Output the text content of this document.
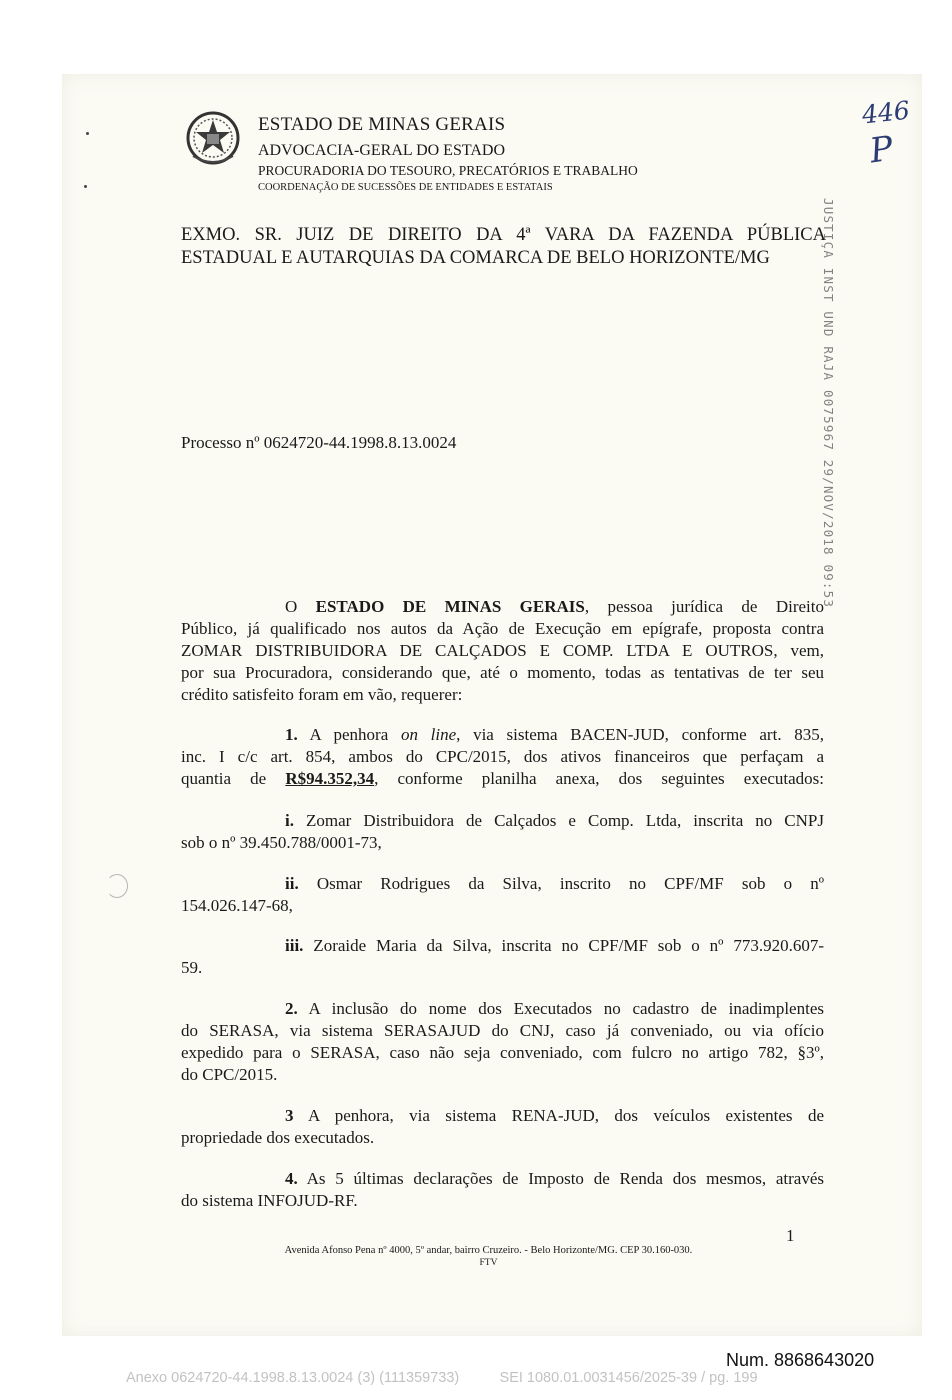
ESTADO DE MINAS GERAIS
ADVOCACIA-GERAL DO ESTADO
PROCURADORIA DO TESOURO, PRECATÓRIOS E TRABALHO
COORDENAÇÃO DE SUCESSÕES DE ENTIDADES E ESTATAIS
EXMO. SR. JUIZ DE DIREITO DA 4ª VARA DA FAZENDA PÚBLICA
ESTADUAL E AUTARQUIAS DA COMARCA DE BELO HORIZONTE/MG
Processo nº 0624720-44.1998.8.13.0024	JUSTIÇA INST UND RAJA 0075967 29/NOV/2018 09:53
446
P
O ESTADO DE MINAS GERAIS, pessoa jurídica de Direito
Público, já qualificado nos autos da Ação de Execução em epígrafe, proposta contra
ZOMAR DISTRIBUIDORA DE CALÇADOS E COMP. LTDA E OUTROS, vem,
por sua Procuradora, considerando que, até o momento, todas as tentativas de ter seu
crédito satisfeito foram em vão, requerer:
1. A penhora on line, via sistema BACEN-JUD, conforme art. 835,
inc. I c/c art. 854, ambos do CPC/2015, dos ativos financeiros que perfaçam a
quantia de R$94.352,34, conforme planilha anexa, dos seguintes executados:
i. Zomar Distribuidora de Calçados e Comp. Ltda, inscrita no CNPJ
sob o nº 39.450.788/0001-73,
ii. Osmar Rodrigues da Silva, inscrito no CPF/MF sob o nº
154.026.147-68,
iii. Zoraide Maria da Silva, inscrita no CPF/MF sob o nº 773.920.607-
59.
2. A inclusão do nome dos Executados no cadastro de inadimplentes
do SERASA, via sistema SERASAJUD do CNJ, caso já conveniado, ou via ofício
expedido para o SERASA, caso não seja conveniado, com fulcro no artigo 782, §3º,
do CPC/2015.
3 A penhora, via sistema RENA-JUD, dos veículos existentes de
propriedade dos executados.
4. As 5 últimas declarações de Imposto de Renda dos mesmos, através
do sistema INFOJUD-RF.
1
Avenida Afonso Pena nº 4000, 5º andar, bairro Cruzeiro. - Belo Horizonte/MG. CEP 30.160-030.
FTV
Num. 8868643020
Anexo 0624720-44.1998.8.13.0024 (3) (111359733)	SEI 1080.01.0031456/2025-39 / pg. 199
